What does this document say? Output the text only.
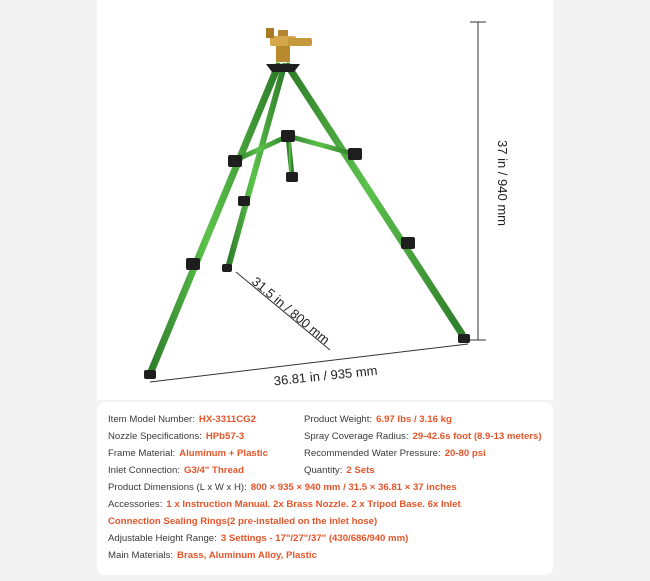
37 in / 940 mm
31.5 in / 800 mm
36.81 in / 935 mm
Item Model Number: HX-3311CG2	Product Weight: 6.97 lbs / 3.16 kg
Nozzle Specifications: HPb57-3	Spray Coverage Radius: 29-42.6s foot (8.9-13 meters)
Frame Material: Aluminum + Plastic	Recommended Water Pressure: 20-80 psi
Inlet Connection: G3/4" Thread	Quantity: 2 Sets
Product Dimensions (L x W x H): 800 × 935 × 940 mm / 31.5 × 36.81 × 37 inches
Accessories: 1 x Instruction Manual. 2x Brass Nozzle. 2 x Tripod Base. 6x Inlet
Connection Sealing Rings(2 pre-installed on the inlet hose)
Adjustable Height Range: 3 Settings - 17"/27"/37" (430/686/940 mm)
Main Materials: Brass, Aluminum Alloy, Plastic
